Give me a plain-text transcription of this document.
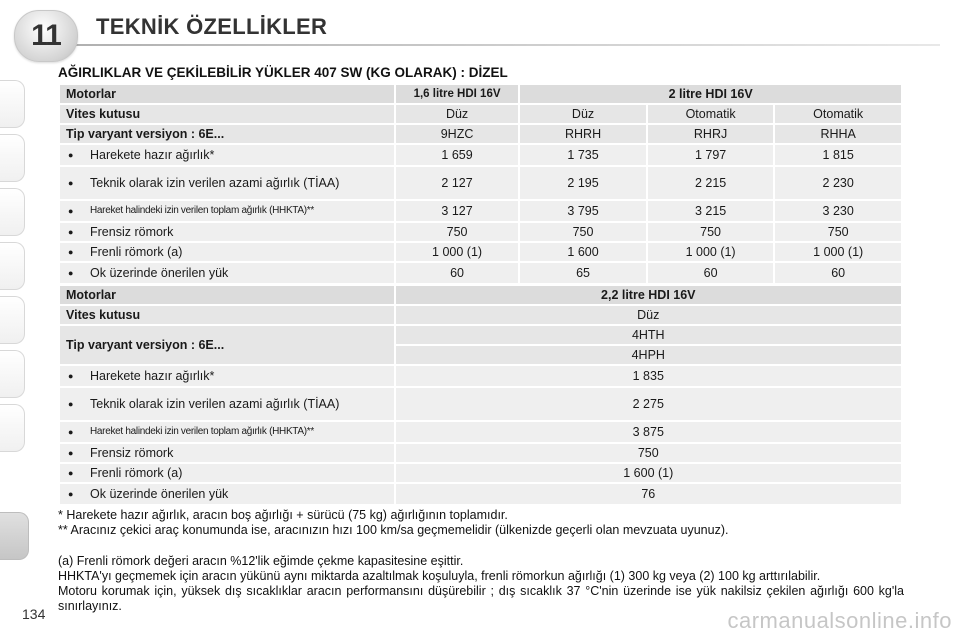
11	TEKNİK ÖZELLİKLER
AĞIRLIKLAR VE ÇEKİLEBİLİR YÜKLER 407 SW (KG OLARAK) : DİZEL
Motorlar	1,6 litre HDI 16V	2 litre HDI 16V		
Vites kutusu	Düz	Düz	Otomatik	Otomatik
Tip varyant versiyon : 6E...	9HZC	RHRH	RHRJ	RHHA

● Harekete hazır ağırlık*	1 659	1 735	1 797	1 815

● Teknik olarak izin verilen azami ağırlık (TİAA)	2 127	2 195	2 215	2 230

● Hareket halindeki izin verilen toplam ağırlık (HHKTA)**	3 127	3 795	3 215	3 230

● Frensiz römork	750	750	750	750

● Frenli römork (a)	1 000 (1)	1 600	1 000 (1)	1 000 (1)

● Ok üzerinde önerilen yük	60	65	60	60
Motorlar	2,2 litre HDI 16V
Vites kutusu	Düz
Tip varyant versiyon : 6E...	4HTH
	4HPH

● Harekete hazır ağırlık*	1 835

● Teknik olarak izin verilen azami ağırlık (TİAA)	2 275

● Hareket halindeki izin verilen toplam ağırlık (HHKTA)**	3 875

● Frensiz römork	750

● Frenli römork (a)	1 600 (1)

● Ok üzerinde önerilen yük	76
* Harekete hazır ağırlık, aracın boş ağırlığı + sürücü (75 kg) ağırlığının toplamıdır.
** Aracınız çekici araç konumunda ise, aracınızın hızı 100 km/sa geçmemelidir (ülkenizde geçerli olan mevzuata uyunuz).
(a) Frenli römork değeri aracın %12'lik eğimde çekme kapasitesine eşittir.
HHKTA'yı geçmemek için aracın yükünü aynı miktarda azaltılmak koşuluyla, frenli römorkun ağırlığı (1) 300 kg veya (2) 100 kg arttırılabilir.
Motoru korumak için, yüksek dış sıcaklıklar aracın performansını düşürebilir ; dış sıcaklık 37 °C'nin üzerinde ise yük nakilsiz çekilen ağırlığı 600 kg'la sınırlayınız.
134	carmanualsonline.info
